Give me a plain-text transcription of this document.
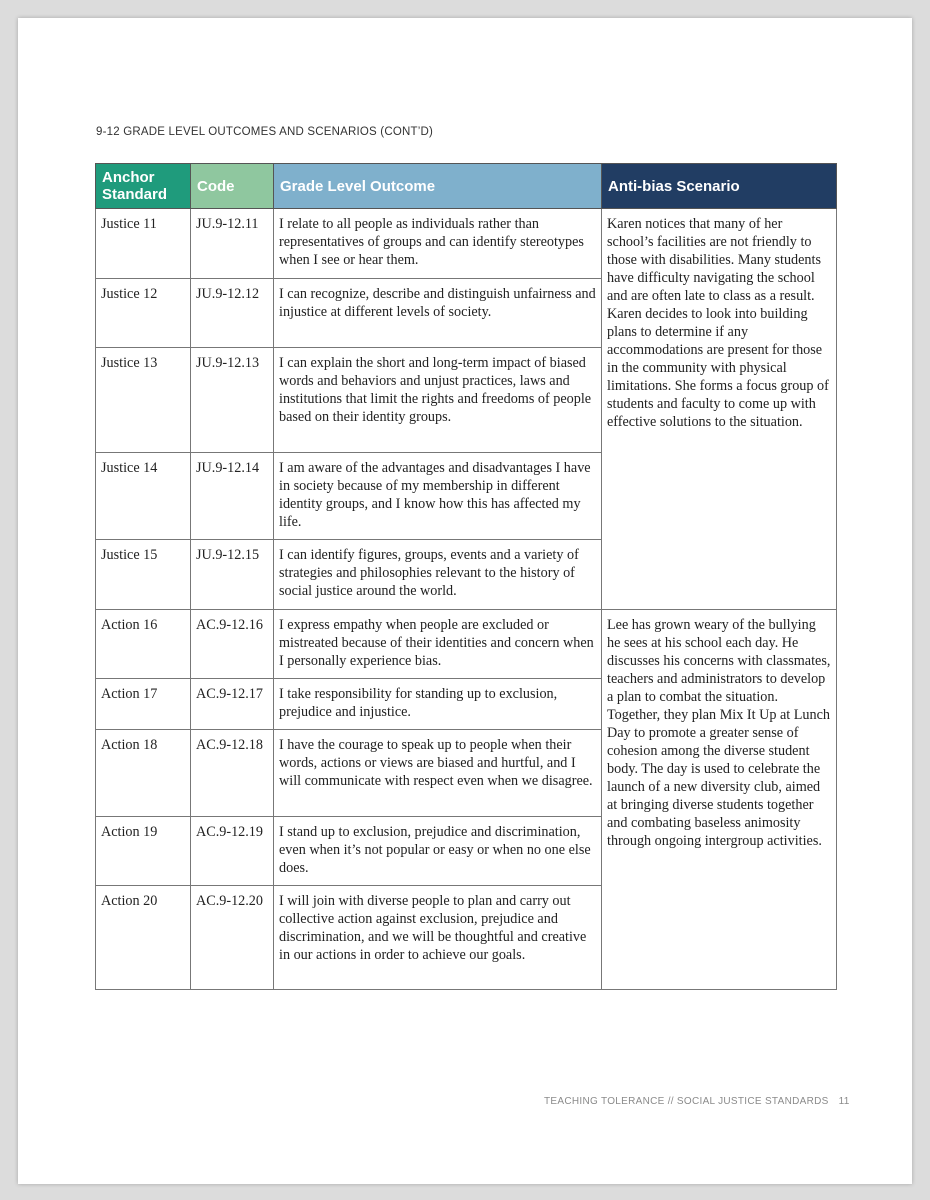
9-12 GRADE LEVEL OUTCOMES AND SCENARIOS (CONT’D)
Anchor Standard	Code	Grade Level Outcome	Anti-bias Scenario
Justice 11	JU.9-12.11	I relate to all people as individuals rather than representatives of groups and can identify stereotypes when I see or hear them.	Karen notices that many of her school’s facilities are not friendly to those with disabilities. Many students have difficulty navigating the school and are often late to class as a result. Karen decides to look into building plans to determine if any accommodations are present for those in the community with physical limitations. She forms a focus group of students and faculty to come up with effective solutions to the situation.
Justice 12	JU.9-12.12	I can recognize, describe and distinguish unfairness and injustice at different levels of society.	
Justice 13	JU.9-12.13	I can explain the short and long-term impact of biased words and behaviors and unjust practices, laws and institutions that limit the rights and freedoms of people based on their identity groups.	
Justice 14	JU.9-12.14	I am aware of the advantages and disadvantages I have in society because of my membership in different identity groups, and I know how this has affected my life.	
Justice 15	JU.9-12.15	I can identify figures, groups, events and a variety of strategies and philosophies relevant to the history of social justice around the world.	
Action 16	AC.9-12.16	I express empathy when people are excluded or mistreated because of their identities and concern when I personally experience bias.	Lee has grown weary of the bullying he sees at his school each day. He discusses his concerns with classmates, teachers and administrators to develop a plan to combat the situation. Together, they plan Mix It Up at Lunch Day to promote a greater sense of cohesion among the diverse student body. The day is used to celebrate the launch of a new diversity club, aimed at bringing diverse students together and combating baseless animosity through ongoing intergroup activities.
Action 17	AC.9-12.17	I take responsibility for standing up to exclusion, prejudice and injustice.	
Action 18	AC.9-12.18	I have the courage to speak up to people when their words, actions or views are biased and hurtful, and I will communicate with respect even when we disagree.	
Action 19	AC.9-12.19	I stand up to exclusion, prejudice and discrimination, even when it’s not popular or easy or when no one else does.	
Action 20	AC.9-12.20	I will join with diverse people to plan and carry out collective action against exclusion, prejudice and discrimination, and we will be thoughtful and creative in our actions in order to achieve our goals.	
TEACHING TOLERANCE // SOCIAL JUSTICE STANDARDS 11
